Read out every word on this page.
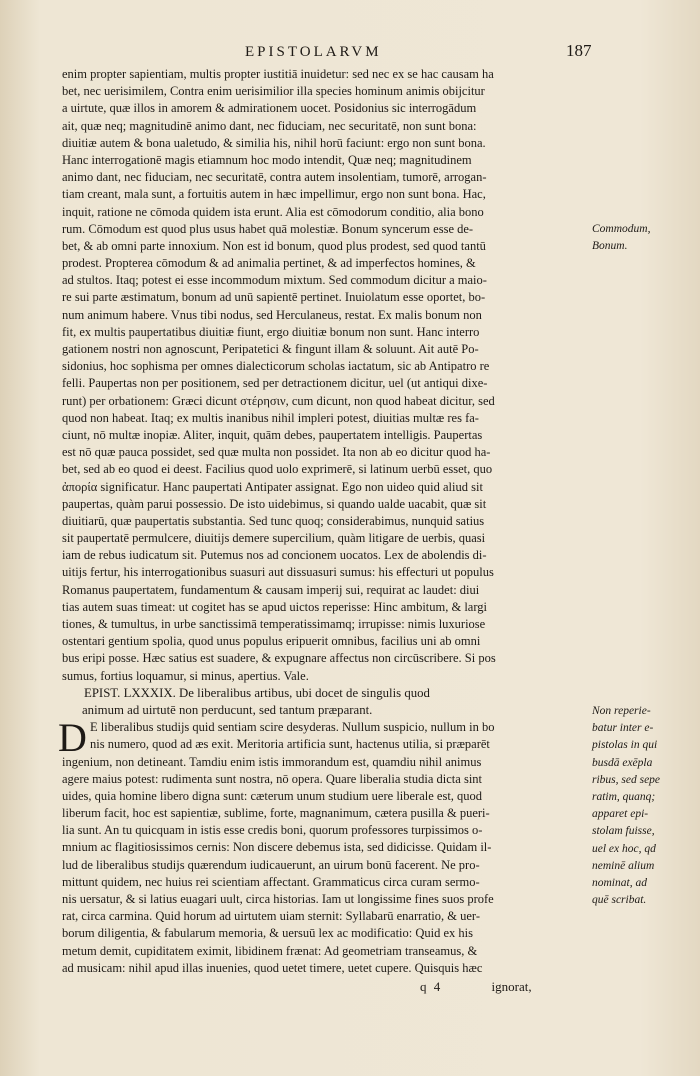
EPISTOLARVM	187
enim propter sapientiam, multis propter iustitiā inuidetur: sed nec ex se hac causam ha
bet, nec uerisimilem, Contra enim uerisimilior illa species hominum animis obijcitur
a uirtute, quæ illos in amorem & admirationem uocet. Posidonius sic interrogādum
ait, quæ neq; magnitudinē animo dant, nec fiduciam, nec securitatē, non sunt bona:
diuitiæ autem & bona ualetudo, & similia his, nihil horū faciunt: ergo non sunt bona.
Hanc interrogationē magis etiamnum hoc modo intendit, Quæ neq; magnitudinem
animo dant, nec fiduciam, nec securitatē, contra autem insolentiam, tumorē, arrogan-
tiam creant, mala sunt, a fortuitis autem in hæc impellimur, ergo non sunt bona. Hac,
inquit, ratione ne cōmoda quidem ista erunt. Alia est cōmodorum conditio, alia bono
rum. Cōmodum est quod plus usus habet quā molestiæ. Bonum syncerum esse de-
bet, & ab omni parte innoxium. Non est id bonum, quod plus prodest, sed quod tantū
prodest. Propterea cōmodum & ad animalia pertinet, & ad imperfectos homines, &
ad stultos. Itaq; potest ei esse incommodum mixtum. Sed commodum dicitur a maio-
re sui parte æstimatum, bonum ad unū sapientē pertinet. Inuiolatum esse oportet, bo-
num animum habere. Vnus tibi nodus, sed Herculaneus, restat. Ex malis bonum non
fit, ex multis paupertatibus diuitiæ fiunt, ergo diuitiæ bonum non sunt. Hanc interro
gationem nostri non agnoscunt, Peripatetici & fingunt illam & soluunt. Ait autē Po-
sidonius, hoc sophisma per omnes dialecticorum scholas iactatum, sic ab Antipatro re
felli. Paupertas non per positionem, sed per detractionem dicitur, uel (ut antiqui dixe-
runt) per orbationem: Græci dicunt στέρησιν, cum dicunt, non quod habeat dicitur, sed
quod non habeat. Itaq; ex multis inanibus nihil impleri potest, diuitias multæ res fa-
ciunt, nō multæ inopiæ. Aliter, inquit, quām debes, paupertatem intelligis. Paupertas
est nō quæ pauca possidet, sed quæ multa non possidet. Ita non ab eo dicitur quod ha-
bet, sed ab eo quod ei deest. Facilius quod uolo exprimerē, si latinum uerbū esset, quo
ἀπορία significatur. Hanc paupertati Antipater assignat. Ego non uideo quid aliud sit
paupertas, quàm parui possessio. De isto uidebimus, si quando ualde uacabit, quæ sit
diuitiarū, quæ paupertatis substantia. Sed tunc quoq; considerabimus, nunquid satius
sit paupertatē permulcere, diuitijs demere supercilium, quàm litigare de uerbis, quasi
iam de rebus iudicatum sit. Putemus nos ad concionem uocatos. Lex de abolendis di-
uitijs fertur, his interrogationibus suasuri aut dissuasuri sumus: his effecturi ut populus
Romanus paupertatem, fundamentum & causam imperij sui, requirat ac laudet: diui
tias autem suas timeat: ut cogitet has se apud uictos reperisse: Hinc ambitum, & largi
tiones, & tumultus, in urbe sanctissimā temperatissimamq; irrupisse: nimis luxuriose
ostentari gentium spolia, quod unus populus eripuerit omnibus, facilius uni ab omni
bus eripi posse. Hæc satius est suadere, & expugnare affectus non circūscribere. Si pos
sumus, fortius loquamur, si minus, apertius. Vale.
EPIST. LXXXIX. De liberalibus artibus, ubi docet de singulis quod
animum ad uirtutē non perducunt, sed tantum præparant.
D E liberalibus studijs quid sentiam scire desyderas. Nullum suspicio, nullum in bo
nis numero, quod ad æs exit. Meritoria artificia sunt, hactenus utilia, si præparēt
ingenium, non detineant. Tamdiu enim istis immorandum est, quamdiu nihil animus
agere maius potest: rudimenta sunt nostra, nō opera. Quare liberalia studia dicta sint
uides, quia homine libero digna sunt: cæterum unum studium uere liberale est, quod
liberum facit, hoc est sapientiæ, sublime, forte, magnanimum, cætera pusilla & pueri-
lia sunt. An tu quicquam in istis esse credis boni, quorum professores turpissimos o-
mnium ac flagitiosissimos cernis: Non discere debemus ista, sed didicisse. Quidam il-
lud de liberalibus studijs quærendum iudicauerunt, an uirum bonū facerent. Ne pro-
mittunt quidem, nec huius rei scientiam affectant. Grammaticus circa curam sermo-
nis uersatur, & si latius euagari uult, circa historias. Iam ut longissime fines suos profe
rat, circa carmina. Quid horum ad uirtutem uiam sternit: Syllabarū enarratio, & uer-
borum diligentia, & fabularum memoria, & uersuū lex ac modificatio: Quid ex his
metum demit, cupiditatem eximit, libidinem frænat: Ad geometriam transeamus, &
ad musicam: nihil apud illas inuenies, quod uetet timere, uetet cupere. Quisquis hæc
q 4	ignorat,
Commodum,
Bonum.
Non reperie-
batur inter e-
pistolas in qui
busdā exēpla
ribus, sed sepe
ratim, quanq;
apparet epi-
stolam fuisse,
uel ex hoc, qd
neminē alium
nominat, ad
quē scribat.
